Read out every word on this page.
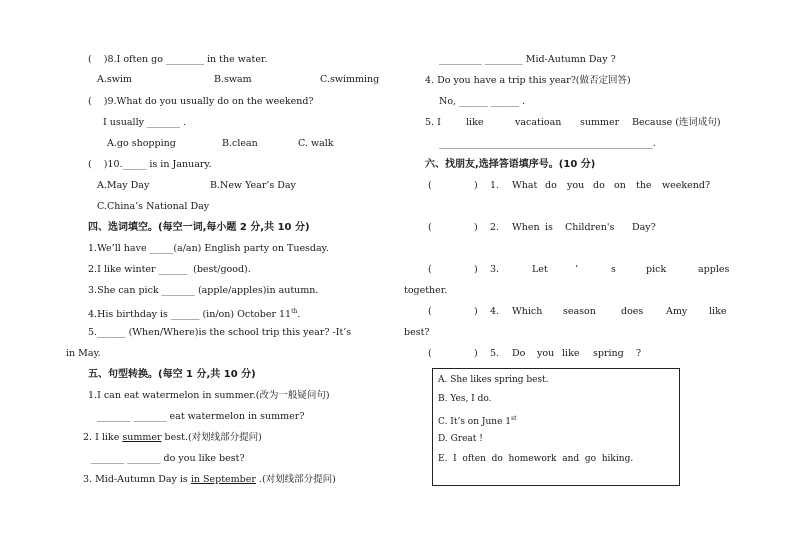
(    )8.I often go ________ in the water.
A.swim	B.swam	C.swimming
(    )9.What do you usually do on the weekend?
I usually _______ .
A.go shopping	B.clean	C. walk
(    )10._____ is in January.
A.May Day	B.New Year’s Day
C.China’s National Day
四、选词填空。(每空一词,每小题 2 分,共 10 分)
1.We’ll have _____(a/an) English party on Tuesday.
2.I like winter ______  (best/good).
3.She can pick _______ (apple/apples)in autumn.
4.His birthday is ______ (in/on) October 11th.
5.______ (When/Where)is the school trip this year? -It’s
in May.
五、句型转换。(每空 1 分,共 10 分)
1.I can eat watermelon in summer.(改为一般疑问句)
_______ _______ eat watermelon in summer?
2. I like summer best.(对划线部分提问)
_______ _______ do you like best?
3. Mid-Autumn Day is in September .(对划线部分提问)
_________ ________ Mid-Autumn Day ?
4. Do you have a trip this year?(做否定回答)
No, ______ ______ .
5. I	like	vacatioan summer Because (连词成句)
_____________________________________________.
六、找朋友,选择答语填序号。(10 分)
(	) 1. What do you do on the weekend?
(	) 2. When is Children's Day?
(	) 3.	Let	’	s	pick	apples
together.
(	) 4. Which season	does Amy like
best?
(	) 5. Do you like spring ?
A. She likes spring best.
B. Yes, I do.
C. It’s on June 1st
D. Great !
E.  I  often  do  homework  and  go  hiking.
